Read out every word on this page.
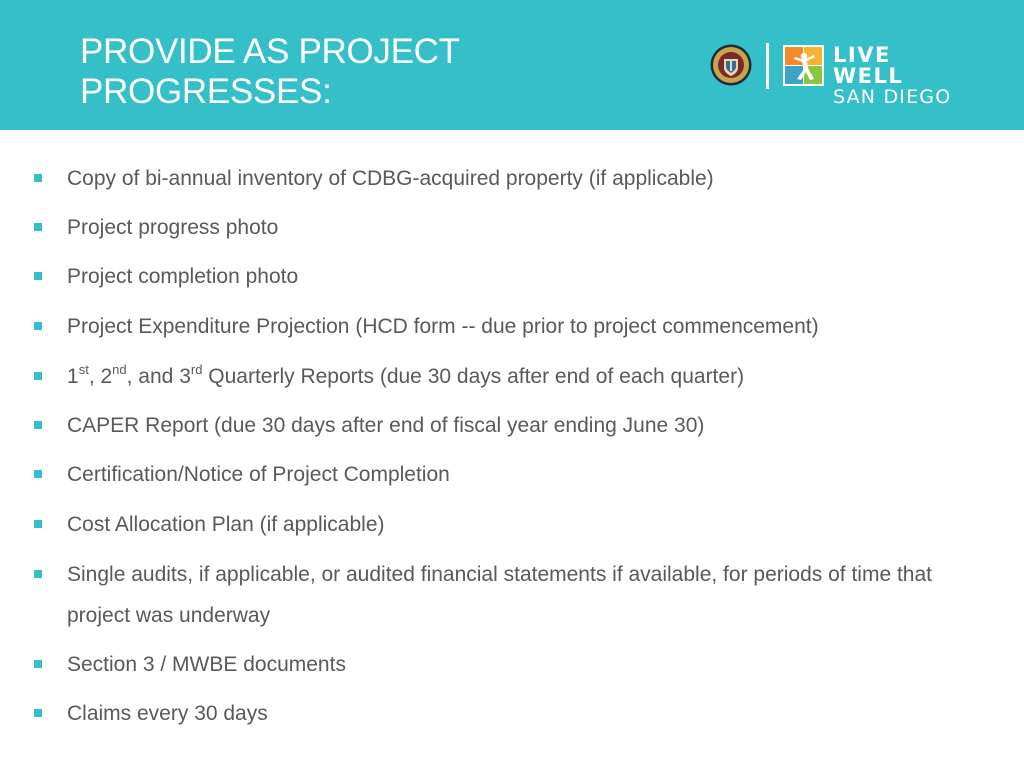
PROVIDE AS PROJECT
PROGRESSES:
LIVE WELL
SAN DIEGO
Copy of bi-annual inventory of CDBG-acquired property (if applicable)
Project progress photo
Project completion photo
Project Expenditure Projection (HCD form -- due prior to project commencement)
1st, 2nd, and 3rd Quarterly Reports (due 30 days after end of each quarter)
CAPER Report (due 30 days after end of fiscal year ending June 30)
Certification/Notice of Project Completion
Cost Allocation Plan (if applicable)
Single audits, if applicable, or audited financial statements if available, for periods of time that project was underway
Section 3 / MWBE documents
Claims every 30 days
